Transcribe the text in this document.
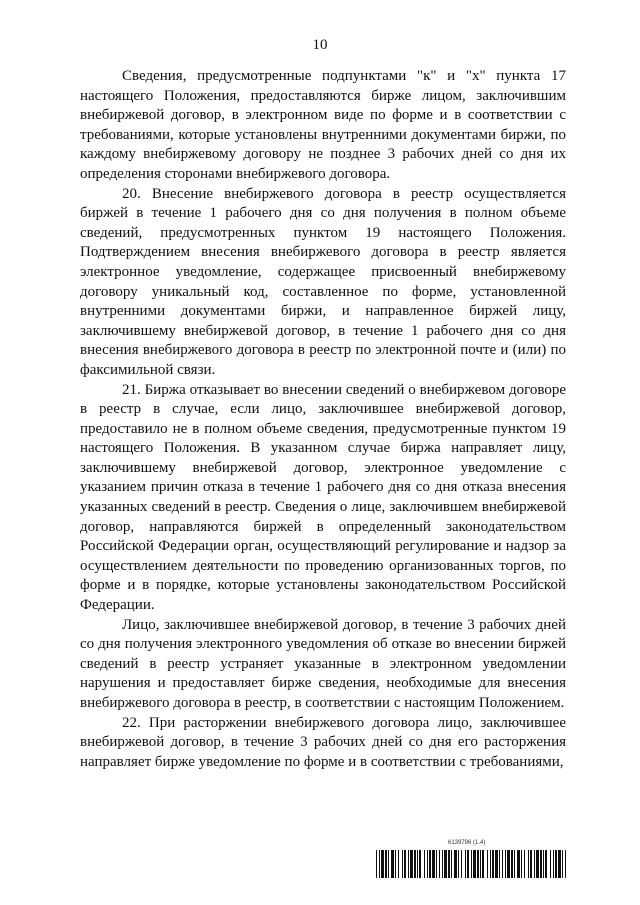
10

Сведения, предусмотренные подпунктами "к" и "х" пункта 17 настоящего Положения, предоставляются бирже лицом, заключившим внебиржевой договор, в электронном виде по форме и в соответствии с требованиями, которые установлены внутренними документами биржи, по каждому внебиржевому договору не позднее 3 рабочих дней со дня их определения сторонами внебиржевого договора.

20. Внесение внебиржевого договора в реестр осуществляется биржей в течение 1 рабочего дня со дня получения в полном объеме сведений, предусмотренных пунктом 19 настоящего Положения. Подтверждением внесения внебиржевого договора в реестр является электронное уведомление, содержащее присвоенный внебиржевому договору уникальный код, составленное по форме, установленной внутренними документами биржи, и направленное биржей лицу, заключившему внебиржевой договор, в течение 1 рабочего дня со дня внесения внебиржевого договора в реестр по электронной почте и (или) по факсимильной связи.

21. Биржа отказывает во внесении сведений о внебиржевом договоре в реестр в случае, если лицо, заключившее внебиржевой договор, предоставило не в полном объеме сведения, предусмотренные пунктом 19 настоящего Положения. В указанном случае биржа направляет лицу, заключившему внебиржевой договор, электронное уведомление с указанием причин отказа в течение 1 рабочего дня со дня отказа внесения указанных сведений в реестр. Сведения о лице, заключившем внебиржевой договор, направляются биржей в определенный законодательством Российской Федерации орган, осуществляющий регулирование и надзор за осуществлением деятельности по проведению организованных торгов, по форме и в порядке, которые установлены законодательством Российской Федерации.

Лицо, заключившее внебиржевой договор, в течение 3 рабочих дней со дня получения электронного уведомления об отказе во внесении биржей сведений в реестр устраняет указанные в электронном уведомлении нарушения и предоставляет бирже сведения, необходимые для внесения внебиржевого договора в реестр, в соответствии с настоящим Положением.

22. При расторжении внебиржевого договора лицо, заключившее внебиржевой договор, в течение 3 рабочих дней со дня его расторжения направляет бирже уведомление по форме и в соответствии с требованиями,

6139796 (1.4)
